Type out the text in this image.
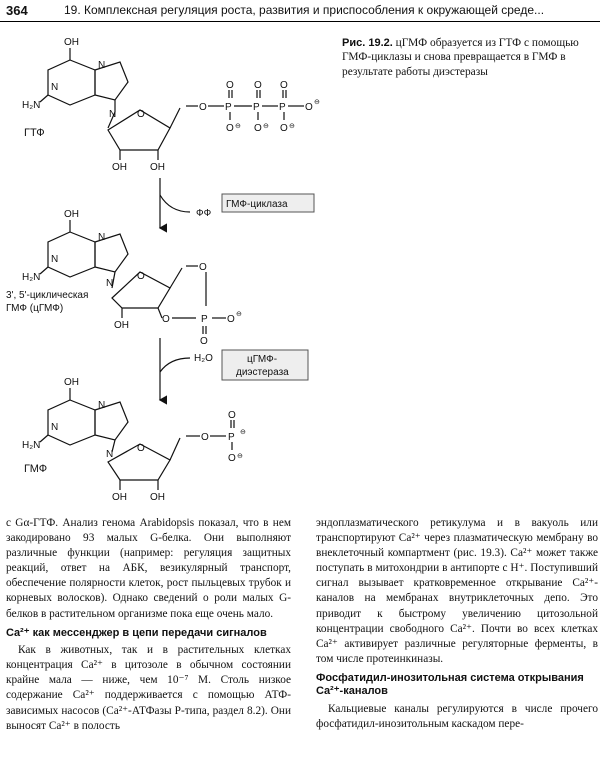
364	19. Комплексная регуляция роста, развития и приспособления к окружающей среде...
Рис. 19.2. цГМФ образуется из ГТФ с помощью ГМФ-циклазы и снова превращается в ГМФ в результате работы диэстеразы
OH
H₂N
N
N
N O
OH OH
O P P P O
O O O
O O O
⊖	⊖	⊖
⊖
ГТФ
ГМФ-циклаза
ФФ
OH
H₂N
N
N
N
O
OH
O
O
P O
O
⊖
3', 5'-циклическая
ГМФ (цГМФ)
H₂O	цГМФ-
диэстераза
OH
H₂N
N
N
N
O
OH OH
O P
O
O ⊖
⊖
ГМФ

с Gα-ГТФ. Анализ генома Arabidopsis показал, что в нем закодировано 93 малых G-белка. Они выполняют различные функции (например: регуляция защитных реакций, ответ на АБК, везикулярный транспорт, обеспечение полярности клеток, рост пыльцевых трубок и корневых волосков). Однако сведений о роли малых G-белков в растительном организме пока еще очень мало.

Ca²⁺ как мессенджер в цепи передачи сигналов

Как в животных, так и в растительных клетках концентрация Ca²⁺ в цитозоле в обычном состоянии крайне мала — ниже, чем 10⁻⁷ M. Столь низкое содержание Ca²⁺ поддерживается с помощью АТФ-зависимых насосов (Ca²⁺-АТФазы P-типа, раздел 8.2). Они выносят Ca²⁺ в полость

эндоплазматического ретикулума и в вакуоль или транспортируют Ca²⁺ через плазматическую мембрану во внеклеточный компартмент (рис. 19.3). Ca²⁺ может также поступать в митохондрии в антипорте с H⁺. Поступивший сигнал вызывает кратковременное открывание Ca²⁺-каналов на мембранах внутриклеточных депо. Это приводит к быстрому увеличению цитозольной концентрации свободного Ca²⁺. Почти во всех клетках Ca²⁺ активирует различные регуляторные ферменты, в том числе протеинкиназы.

Фосфатидил-инозитольная система открывания Ca²⁺-каналов

Кальциевые каналы регулируются в числе прочего фосфатидил-инозитольным каскадом пере-
